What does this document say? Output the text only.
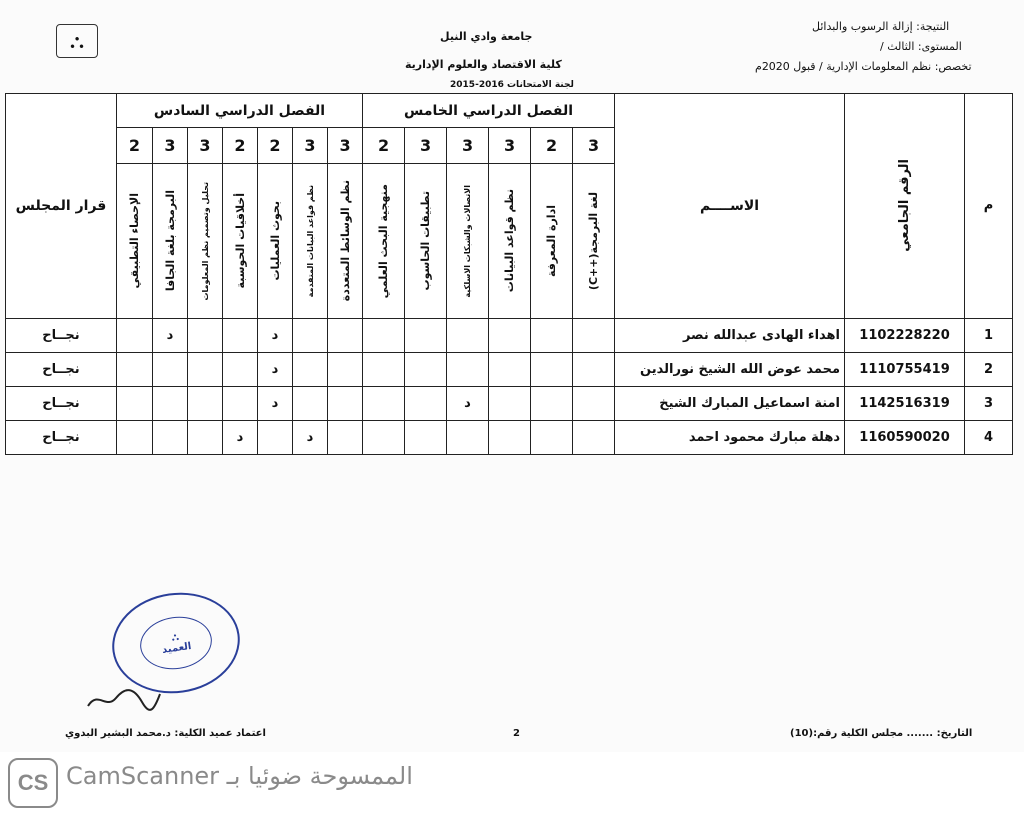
⛬	جامعة وادي النيل
كلية الاقتصاد والعلوم الإدارية
لجنة الامتحانات 2016-2015
النتيجة: إزالة الرسوب والبدائل
المستوى: الثالث /
تخصص: نظم المعلومات الإدارية / قبول 2020م
قرار المجلس	الفصل الدراسي السادس							الفصل الدراسي الخامس						الاســــم	الرقم الجامعي	م
	2	3	3	2	2	3	3	2	3	3	3	2	3			

	الإحصاء التطبيقي	البرمجة بلغة الجافا	تحليل وتصميم نظم المعلومات	أخلاقيات الحوسبة	بحوث العمليات	نظم قواعد البيانات المتقدمة	نظم الوسائط المتعددة	منهجية البحث العلمي	تطبيقات الحاسوب	الاتصالات والشبكات الاسلكية	نظم قواعد البيانات	ادارة المعرفة	لغة البرمجة(++C)			

نجــاح		د			د									اهداء الهادى عبدالله نصر	1102228220	1
نجــاح					د									محمد عوض الله الشيخ نورالدين	1110755419	2
نجــاح					د					د				امنة اسماعيل المبارك الشيخ	1142516319	3
نجــاح				د		د								دهلة مبارك محمود احمد	1160590020	4
⛬
العميد
التاريخ: ....... مجلس الكلية رقم:(10)
2
اعتماد عميد الكلية: د.محمد البشير البدوي
CS الممسوحة ضوئيا بـ CamScanner
